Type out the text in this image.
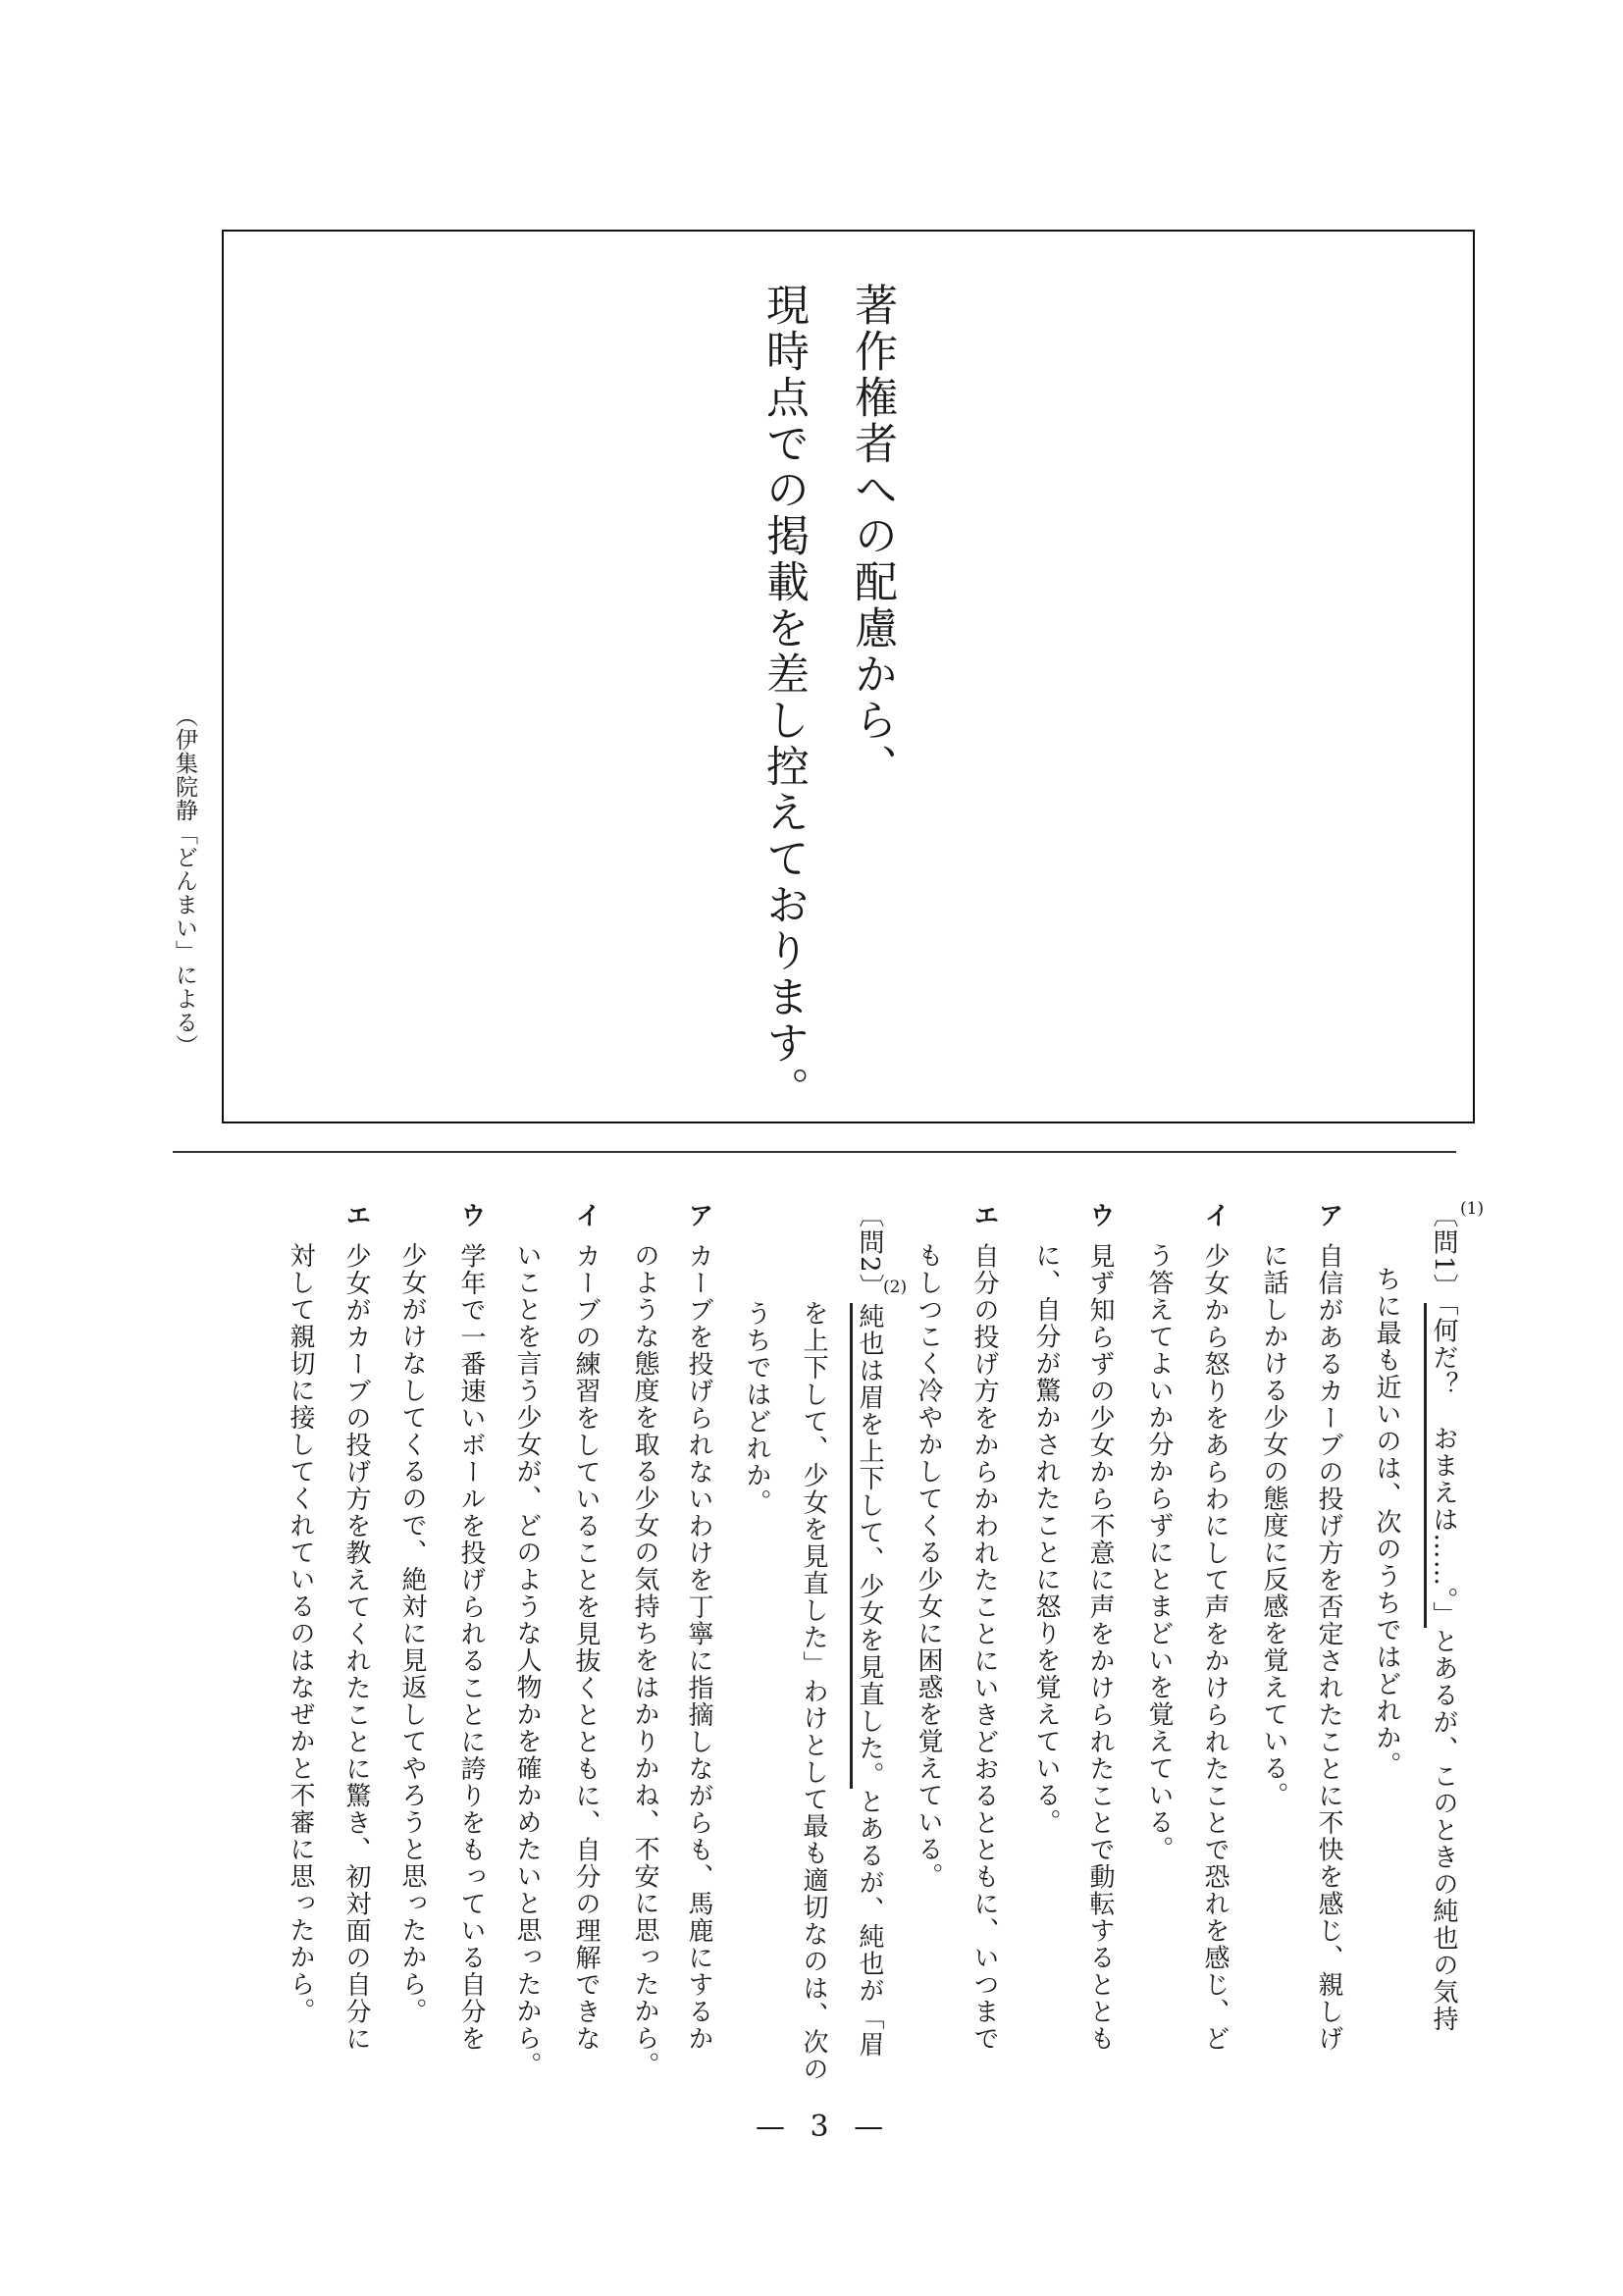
著作権者への配慮から、
現時点での掲載を差し控えております。
（伊集院静「どんまい」による）
〔問1〕「何だ？　おまえは……。」とあるが、このときの純也の気持
(1)
ちに最も近いのは、次のうちではどれか。
ア自信があるカーブの投げ方を否定されたことに不快を感じ、親しげ
に話しかける少女の態度に反感を覚えている。
イ少女から怒りをあらわにして声をかけられたことで恐れを感じ、ど
う答えてよいか分からずにとまどいを覚えている。
ウ見ず知らずの少女から不意に声をかけられたことで動転するととも
に、自分が驚かされたことに怒りを覚えている。
エ自分の投げ方をからかわれたことにいきどおるとともに、いつまで
もしつこく冷やかしてくる少女に困惑を覚えている。
〔問2〕純也は眉を上下して、少女を見直した。とあるが、純也が「眉
(2)
を上下して、少女を見直した」わけとして最も適切なのは、次の
うちではどれか。
アカーブを投げられないわけを丁寧に指摘しながらも、馬鹿にするか
のような態度を取る少女の気持ちをはかりかね、不安に思ったから。
イカーブの練習をしていることを見抜くとともに、自分の理解できな
いことを言う少女が、どのような人物かを確かめたいと思ったから。
ウ学年で一番速いボールを投げられることに誇りをもっている自分を
少女がけなしてくるので、絶対に見返してやろうと思ったから。
エ少女がカーブの投げ方を教えてくれたことに驚き、初対面の自分に
対して親切に接してくれているのはなぜかと不審に思ったから。
— 3 —
